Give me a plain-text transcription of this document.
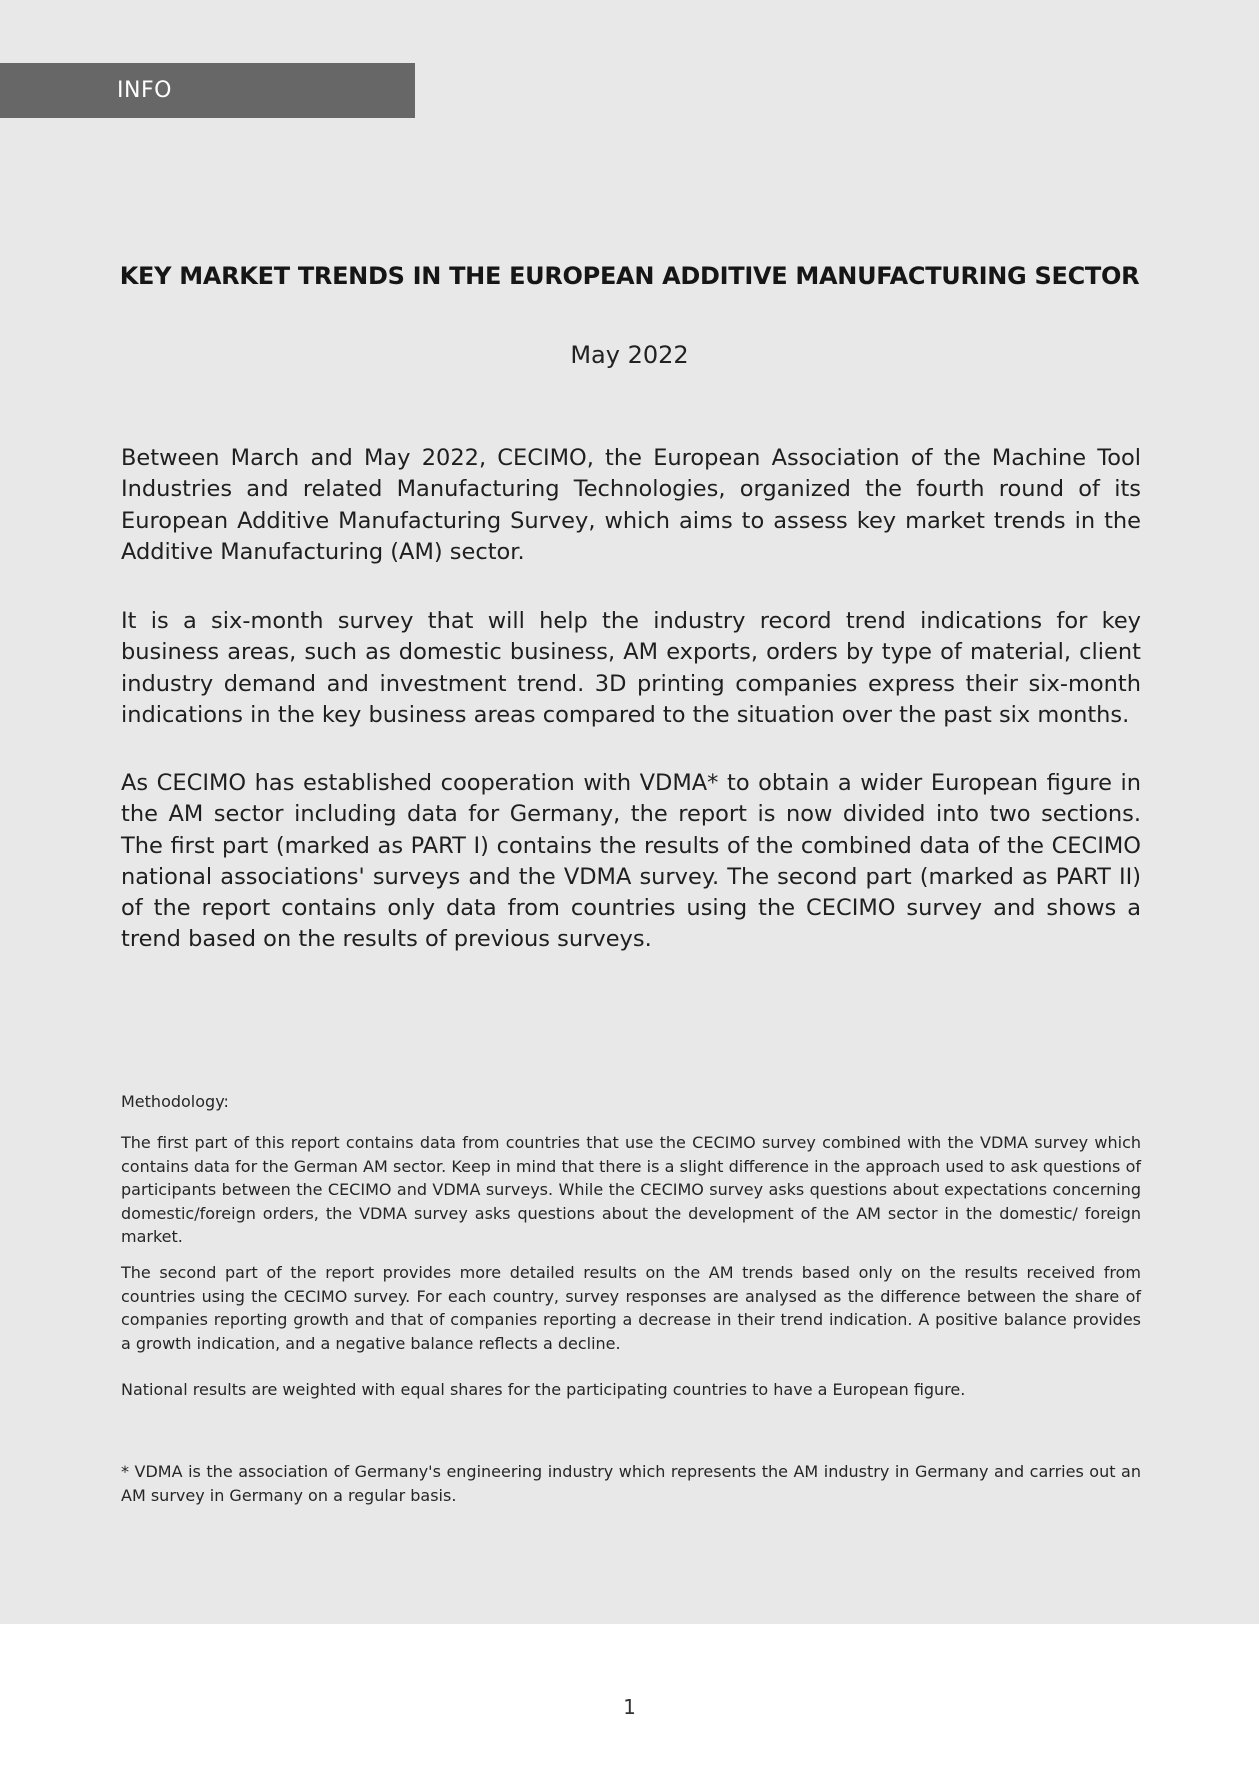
INFO
KEY MARKET TRENDS IN THE EUROPEAN ADDITIVE MANUFACTURING SECTOR
May 2022
Between March and May 2022, CECIMO, the European Association of the Machine Tool Industries and related Manufacturing Technologies, organized the fourth round of its European Additive Manufacturing Survey, which aims to assess key market trends in the Additive Manufacturing (AM) sector.
It is a six-month survey that will help the industry record trend indications for key business areas, such as domestic business, AM exports, orders by type of material, client industry demand and investment trend. 3D printing companies express their six-month indications in the key business areas compared to the situation over the past six months.
As CECIMO has established cooperation with VDMA* to obtain a wider European figure in the AM sector including data for Germany, the report is now divided into two sections. The first part (marked as PART I) contains the results of the combined data of the CECIMO national associations' surveys and the VDMA survey. The second part (marked as PART II) of the report contains only data from countries using the CECIMO survey and shows a trend based on the results of previous surveys.
Methodology:
The first part of this report contains data from countries that use the CECIMO survey combined with the VDMA survey which contains data for the German AM sector. Keep in mind that there is a slight difference in the approach used to ask questions of participants between the CECIMO and VDMA surveys. While the CECIMO survey asks questions about expectations concerning domestic/foreign orders, the VDMA survey asks questions about the development of the AM sector in the domestic/ foreign market.
The second part of the report provides more detailed results on the AM trends based only on the results received from countries using the CECIMO survey. For each country, survey responses are analysed as the difference between the share of companies reporting growth and that of companies reporting a decrease in their trend indication. A positive balance provides a growth indication, and a negative balance reflects a decline.
National results are weighted with equal shares for the participating countries to have a European figure.
* VDMA is the association of Germany's engineering industry which represents the AM industry in Germany and carries out an AM survey in Germany on a regular basis.
1
